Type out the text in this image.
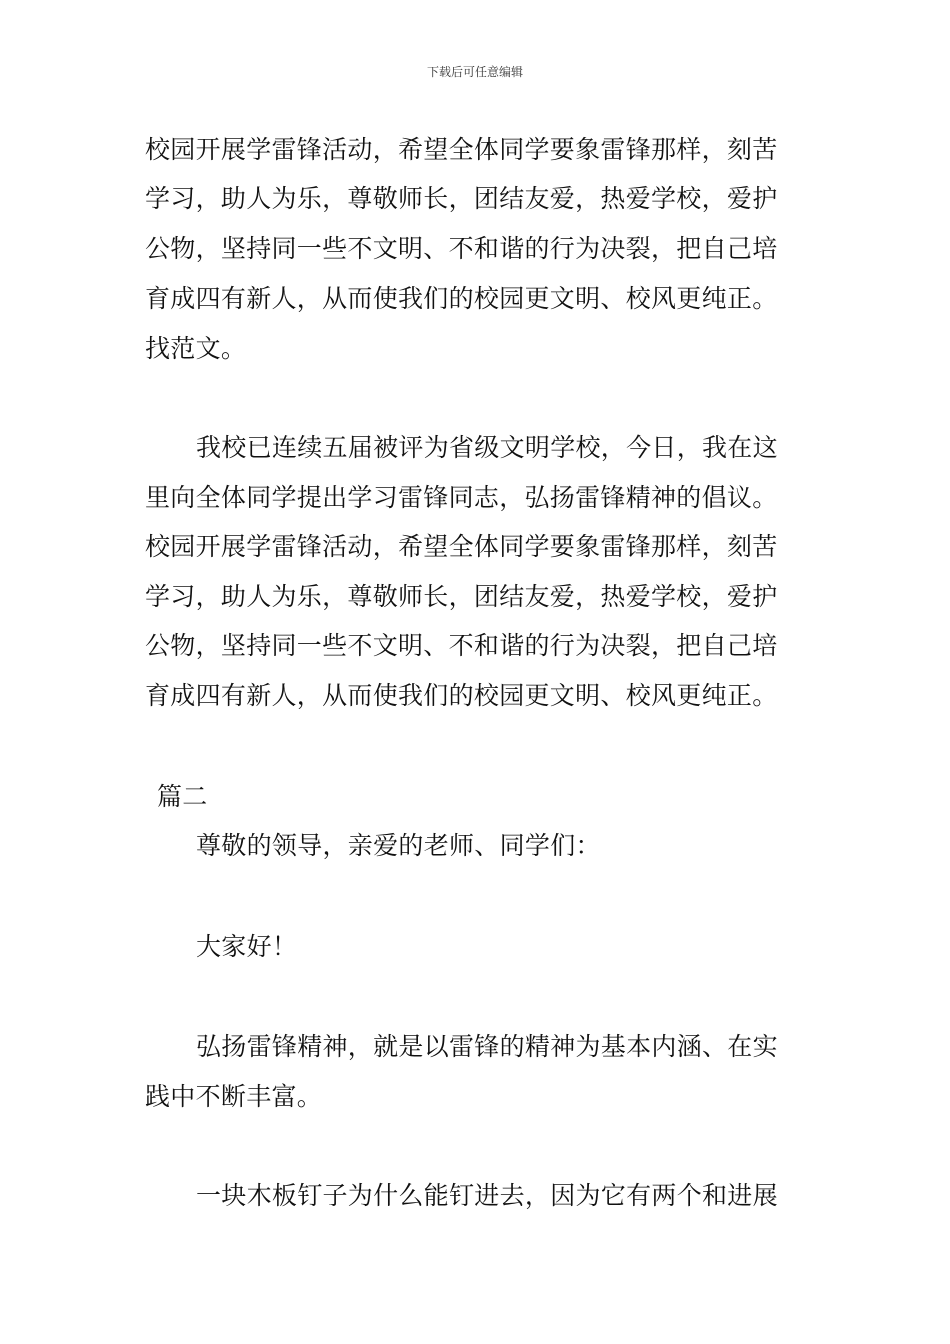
下载后可任意编辑
校园开展学雷锋活动，希望全体同学要象雷锋那样，刻苦
学习，助人为乐，尊敬师长，团结友爱，热爱学校，爱护
公物，坚持同一些不文明、不和谐的行为决裂，把自己培
育成四有新人，从而使我们的校园更文明、校风更纯正。
找范文。
我校已连续五届被评为省级文明学校，今日，我在这
里向全体同学提出学习雷锋同志，弘扬雷锋精神的倡议。
校园开展学雷锋活动，希望全体同学要象雷锋那样，刻苦
学习，助人为乐，尊敬师长，团结友爱，热爱学校，爱护
公物，坚持同一些不文明、不和谐的行为决裂，把自己培
育成四有新人，从而使我们的校园更文明、校风更纯正。
篇二
尊敬的领导，亲爱的老师、同学们：
大家好！
弘扬雷锋精神，就是以雷锋的精神为基本内涵、在实
践中不断丰富。
一块木板钉子为什么能钉进去，因为它有两个和进展
